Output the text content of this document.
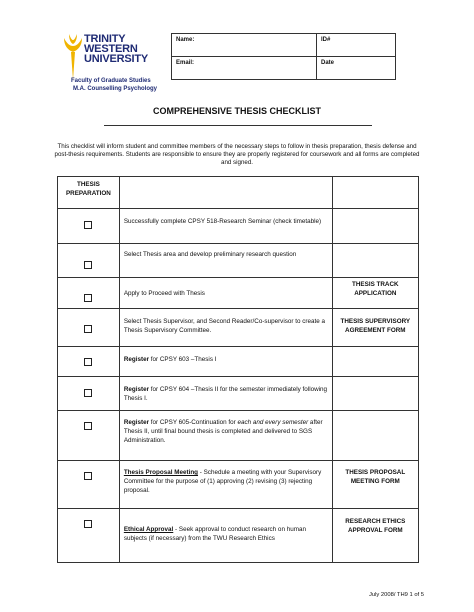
TRINITY
WESTERN
UNIVERSITY
Faculty of Graduate Studies
M.A. Counselling Psychology
Name:	ID#
Email:	Date
COMPREHENSIVE THESIS CHECKLIST
This checklist will inform student and committee members of the necessary steps to follow in thesis preparation, thesis defense and post-thesis requirements. Students are responsible to ensure they are properly registered for coursework and all forms are completed and signed.
THESIS PREPARATION		

	Successfully complete CPSY 518-Research Seminar (check timetable)	
	Select Thesis area and develop preliminary research question	
	Apply to Proceed with Thesis	THESIS TRACK APPLICATION
	Select Thesis Supervisor, and Second Reader/Co-supervisor to create a Thesis Supervisory Committee.	THESIS SUPERVISORY AGREEMENT FORM
	Register for CPSY 603 –Thesis I	
	Register for CPSY 604 –Thesis II for the semester immediately following Thesis I.	
	Register for CPSY 605-Continuation for each and every semester after Thesis II, until final bound thesis is completed and delivered to SGS Administration.	
	Thesis Proposal Meeting - Schedule a meeting with your Supervisory Committee for the purpose of (1) approving (2) revising (3) rejecting proposal.	THESIS PROPOSAL MEETING FORM
	Ethical Approval - Seek approval to conduct research on human subjects (if necessary) from the TWU Research Ethics	RESEARCH ETHICS APPROVAL FORM
July 2008/ TH9 1 of 5
